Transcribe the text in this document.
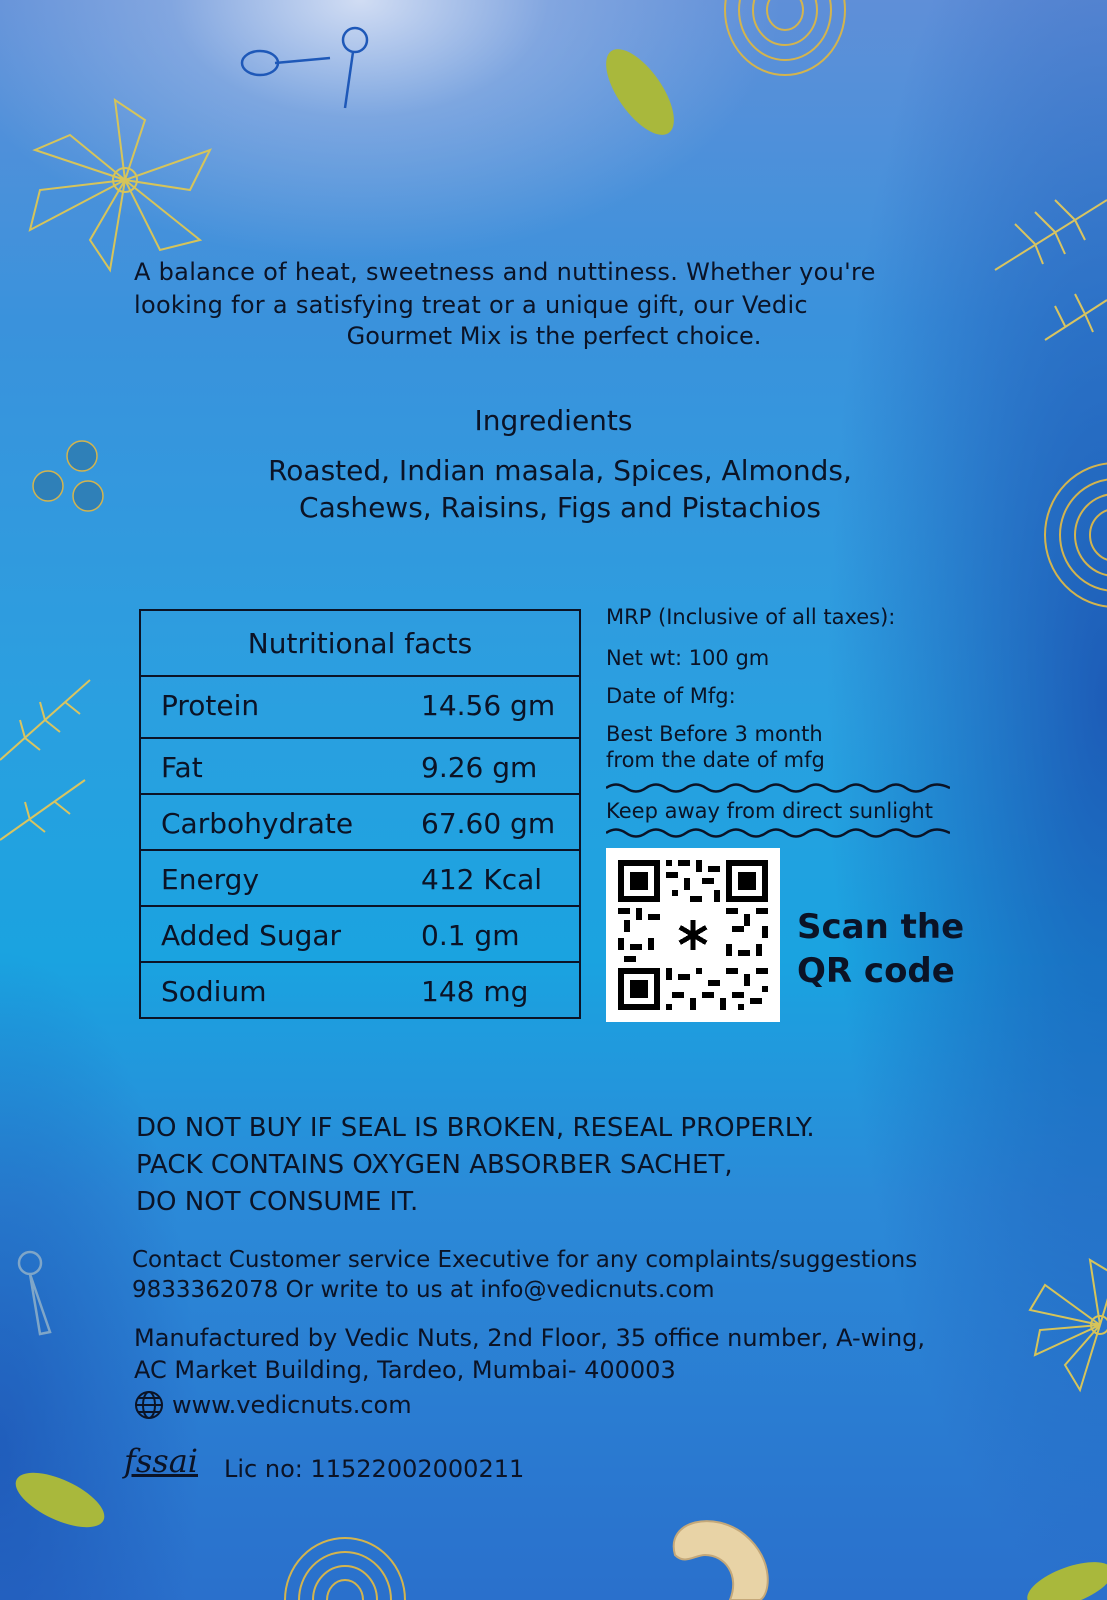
A balance of heat, sweetness and nuttiness. Whether you're
looking for a satisfying treat or a unique gift, our Vedic
Gourmet Mix is the perfect choice.
Ingredients
Roasted, Indian masala, Spices, Almonds,
Cashews, Raisins, Figs and Pistachios
Nutritional facts
Protein	14.56 gm
Fat	9.26 gm
Carbohydrate 67.60 gm
Energy	412 Kcal
Added Sugar	0.1 gm
Sodium	148 mg
MRP (Inclusive of all taxes):
Net wt: 100 gm
Date of Mfg:
Best Before 3 month
from the date of mfg
Keep away from direct sunlight
Scan the
QR code
DO NOT BUY IF SEAL IS BROKEN, RESEAL PROPERLY.
PACK CONTAINS OXYGEN ABSORBER SACHET,
DO NOT CONSUME IT.
Contact Customer service Executive for any complaints/suggestions
9833362078 Or write to us at info@vedicnuts.com
Manufactured by Vedic Nuts, 2nd Floor, 35 office number, A-wing,
AC Market Building, Tardeo, Mumbai- 400003
www.vedicnuts.com
fssai Lic no: 11522002000211
